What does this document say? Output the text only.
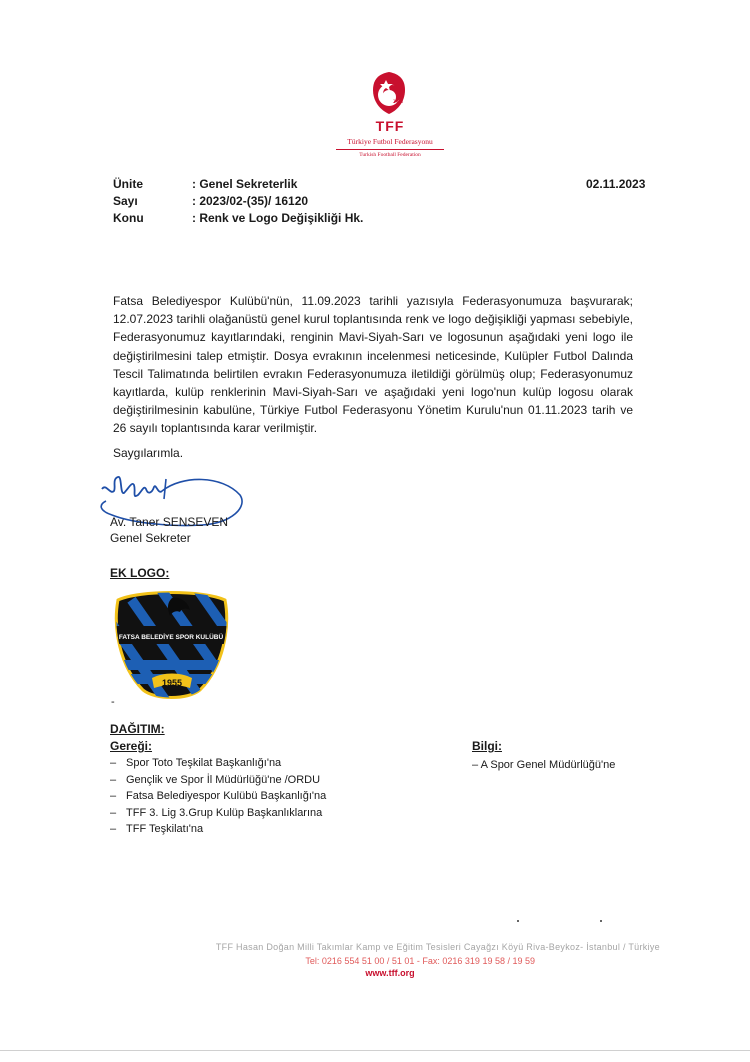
1923
TFF
Türkiye Futbol Federasyonu
Turkish Football Federation
Ünite	: Genel Sekreterlik
Sayı	: 2023/02-(35)/ 16120
Konu	: Renk ve Logo Değişikliği Hk.
02.11.2023
Fatsa Belediyespor Kulübü'nün, 11.09.2023 tarihli yazısıyla Federasyonumuza başvurarak; 12.07.2023 tarihli olağanüstü genel kurul toplantısında renk ve logo değişikliği yapması sebebiyle, Federasyonumuz kayıtlarındaki, renginin Mavi-Siyah-Sarı ve logosunun aşağıdaki yeni logo ile değiştirilmesini talep etmiştir. Dosya evrakının incelenmesi neticesinde, Kulüpler Futbol Dalında Tescil Talimatında belirtilen evrakın Federasyonumuza iletildiği görülmüş olup; Federasyonumuz kayıtlarda, kulüp renklerinin Mavi-Siyah-Sarı ve aşağıdaki yeni logo'nun kulüp logosu olarak değiştirilmesinin kabulüne, Türkiye Futbol Federasyonu Yönetim Kurulu'nun 01.11.2023 tarih ve 26 sayılı toplantısında karar verilmiştir.
Saygılarımla.
Av. Taner SENSEVEN
Genel Sekreter
EK LOGO:
FATSA BELEDİYE SPOR KULÜBÜ
1955
-
DAĞITIM:
Gereği:	Bilgi:
– Spor Toto Teşkilat Başkanlığı'na
– Gençlik ve Spor İl Müdürlüğü'ne /ORDU
– Fatsa Belediyespor Kulübü Başkanlığı'na
– TFF 3. Lig 3.Grup Kulüp Başkanlıklarına
– TFF Teşkilatı'na
– A Spor Genel Müdürlüğü'ne
TFF Hasan Doğan Milli Takımlar Kamp ve Eğitim Tesisleri Cayağzı Köyü Riva-Beykoz- İstanbul / Türkiye
Tel: 0216 554 51 00 / 51 01 - Fax: 0216 319 19 58 / 19 59
www.tff.org
